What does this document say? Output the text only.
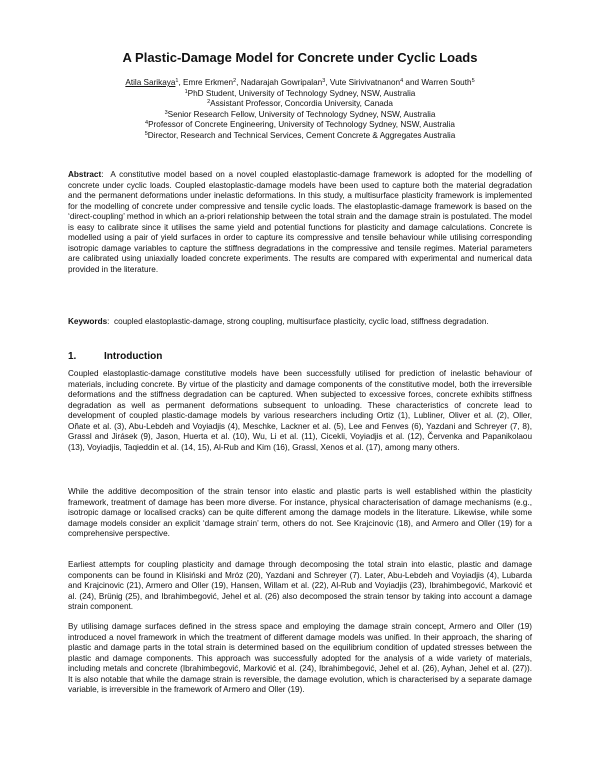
A Plastic-Damage Model for Concrete under Cyclic Loads
Atila Sarikaya$^1$, Emre Erkmen$^2$, Nadarajah Gowripalan$^3$, Vute Sirivivatnanon$^4$ and Warren South$^5$
$^1$PhD Student, University of Technology Sydney, NSW, Australia
$^2$Assistant Professor, Concordia University, Canada
$^3$Senior Research Fellow, University of Technology Sydney, NSW, Australia
$^4$Professor of Concrete Engineering, University of Technology Sydney, NSW, Australia
$^5$Director, Research and Technical Services, Cement Concrete & Aggregates Australia
Abstract:  A constitutive model based on a novel coupled elastoplastic-damage framework is adopted for the modelling of concrete under cyclic loads. Coupled elastoplastic-damage models have been used to capture both the material degradation and the permanent deformations under inelastic deformations. In this study, a multisurface plasticity framework is implemented for the modelling of concrete under compressive and tensile cyclic loads. The elastoplastic-damage framework is based on the ‘direct-coupling’ method in which an a-priori relationship between the total strain and the damage strain is postulated. The model is easy to calibrate since it utilises the same yield and potential functions for plasticity and damage calculations. Concrete is modelled using a pair of yield surfaces in order to capture its compressive and tensile behaviour while utilising corresponding isotropic damage variables to capture the stiffness degradations in the compressive and tensile regimes. Material parameters are calibrated using uniaxially loaded concrete experiments. The results are compared with experimental and numerical data provided in the literature.
Keywords:  coupled elastoplastic-damage, strong coupling, multisurface plasticity, cyclic load, stiffness degradation.
1.	Introduction
Coupled elastoplastic-damage constitutive models have been successfully utilised for prediction of inelastic behaviour of materials, including concrete. By virtue of the plasticity and damage components of the constitutive model, both the irreversible deformations and the stiffness degradation can be captured. When subjected to excessive forces, concrete exhibits stiffness degradation as well as permanent deformations subsequent to unloading. These characteristics of concrete lead to development of coupled plastic-damage models by various researchers including Ortiz (1), Lubliner, Oliver et al. (2), Oller, Oñate et al. (3), Abu-Lebdeh and Voyiadjis (4), Meschke, Lackner et al. (5), Lee and Fenves (6), Yazdani and Schreyer (7, 8), Grassl and Jirásek (9), Jason, Huerta et al. (10), Wu, Li et al. (11), Cicekli, Voyiadjis et al. (12), Červenka and Papanikolaou (13), Voyiadjis, Taqieddin et al. (14, 15), Al-Rub and Kim (16), Grassl, Xenos et al. (17), among many others.
While the additive decomposition of the strain tensor into elastic and plastic parts is well established within the plasticity framework, treatment of damage has been more diverse. For instance, physical characterisation of damage mechanisms (e.g., isotropic damage or localised cracks) can be quite different among the damage models in the literature. Likewise, while some damage models consider an explicit ‘damage strain’ term, others do not. See Krajcinovic (18), and Armero and Oller (19) for a comprehensive perspective.
Earliest attempts for coupling plasticity and damage through decomposing the total strain into elastic, plastic and damage components can be found in Klisiński and Mróz (20), Yazdani and Schreyer (7). Later, Abu-Lebdeh and Voyiadjis (4), Lubarda and Krajcinovic (21), Armero and Oller (19), Hansen, Willam et al. (22), Al-Rub and Voyiadjis (23), Ibrahimbegović, Marković et al. (24), Brünig (25), and Ibrahimbegović, Jehel et al. (26) also decomposed the strain tensor by taking into account a damage strain component.
By utilising damage surfaces defined in the stress space and employing the damage strain concept, Armero and Oller (19) introduced a novel framework in which the treatment of different damage models was unified. In their approach, the sharing of plastic and damage parts in the total strain is determined based on the equilibrium condition of updated stresses between the plastic and damage components. This approach was successfully adopted for the analysis of a wide variety of materials, including metals and concrete (Ibrahimbegović, Marković et al. (24), Ibrahimbegović, Jehel et al. (26), Ayhan, Jehel et al. (27)). It is also notable that while the damage strain is reversible, the damage evolution, which is characterised by a separate damage variable, is irreversible in the framework of Armero and Oller (19).
